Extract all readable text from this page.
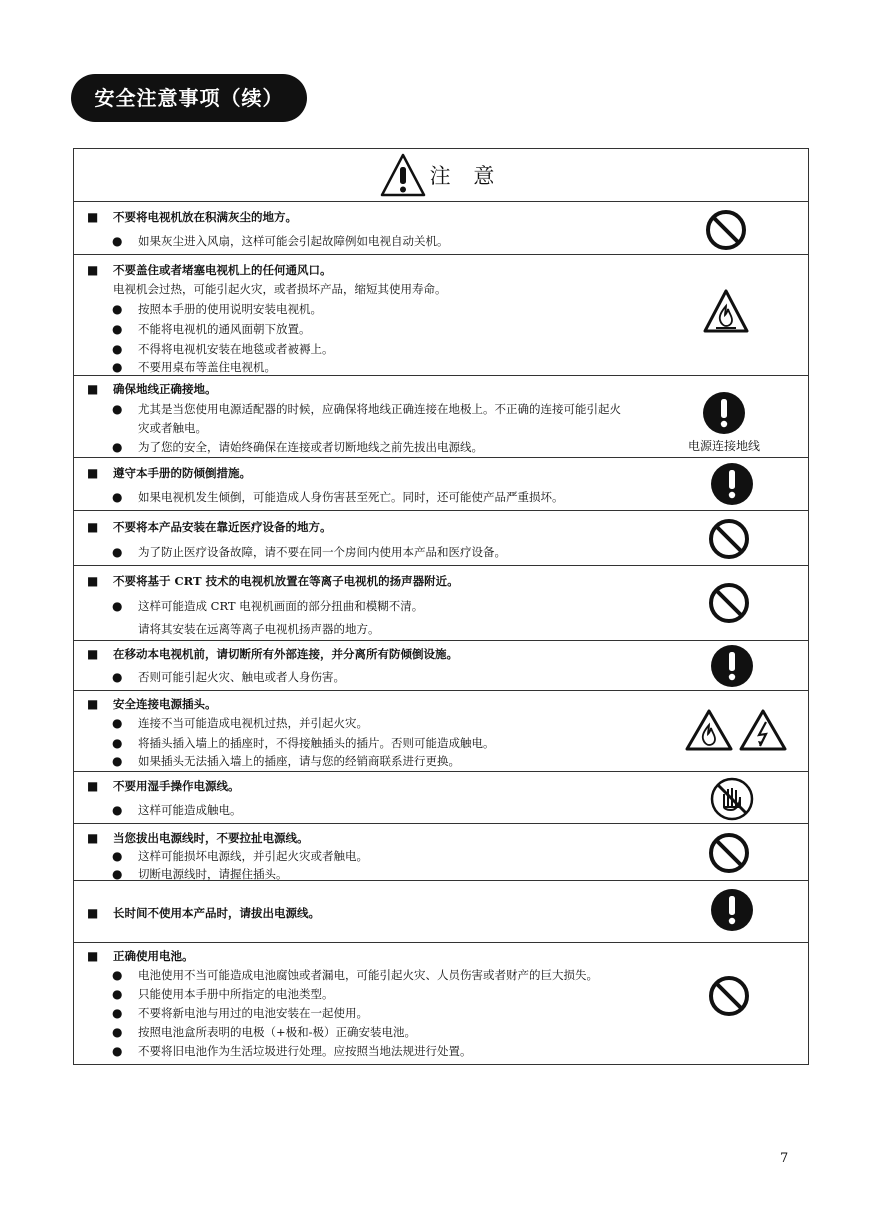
安全注意事项（续）
注 意
■ 不要将电视机放在积满灰尘的地方。
● 如果灰尘进入风扇，这样可能会引起故障例如电视自动关机。
■ 不要盖住或者堵塞电视机上的任何通风口。
电视机会过热，可能引起火灾，或者损坏产品，缩短其使用寿命。
● 按照本手册的使用说明安装电视机。
● 不能将电视机的通风面朝下放置。
● 不得将电视机安装在地毯或者被褥上。
● 不要用桌布等盖住电视机。
■ 确保地线正确接地。
● 尤其是当您使用电源适配器的时候，应确保将地线正确连接在地极上。不正确的连接可能引起火
灾或者触电。
● 为了您的安全，请始终确保在连接或者切断地线之前先拔出电源线。	电源连接地线
■ 遵守本手册的防倾倒措施。
● 如果电视机发生倾倒，可能造成人身伤害甚至死亡。同时，还可能使产品严重损坏。
■ 不要将本产品安装在靠近医疗设备的地方。
● 为了防止医疗设备故障，请不要在同一个房间内使用本产品和医疗设备。
■ 不要将基于 CRT 技术的电视机放置在等离子电视机的扬声器附近。
● 这样可能造成 CRT 电视机画面的部分扭曲和模糊不清。
请将其安装在远离等离子电视机扬声器的地方。
■ 在移动本电视机前，请切断所有外部连接，并分离所有防倾倒设施。
● 否则可能引起火灾、触电或者人身伤害。
■ 安全连接电源插头。
● 连接不当可能造成电视机过热，并引起火灾。
● 将插头插入墙上的插座时，不得接触插头的插片。否则可能造成触电。
● 如果插头无法插入墙上的插座，请与您的经销商联系进行更换。
■ 不要用湿手操作电源线。
● 这样可能造成触电。
■ 当您拔出电源线时，不要拉扯电源线。
● 这样可能损坏电源线，并引起火灾或者触电。
● 切断电源线时，请握住插头。
■ 长时间不使用本产品时，请拔出电源线。
■ 正确使用电池。
● 电池使用不当可能造成电池腐蚀或者漏电，可能引起火灾、人员伤害或者财产的巨大损失。
● 只能使用本手册中所指定的电池类型。
● 不要将新电池与用过的电池安装在一起使用。
● 按照电池盒所表明的电极（+极和-极）正确安装电池。
● 不要将旧电池作为生活垃圾进行处理。应按照当地法规进行处置。
7
